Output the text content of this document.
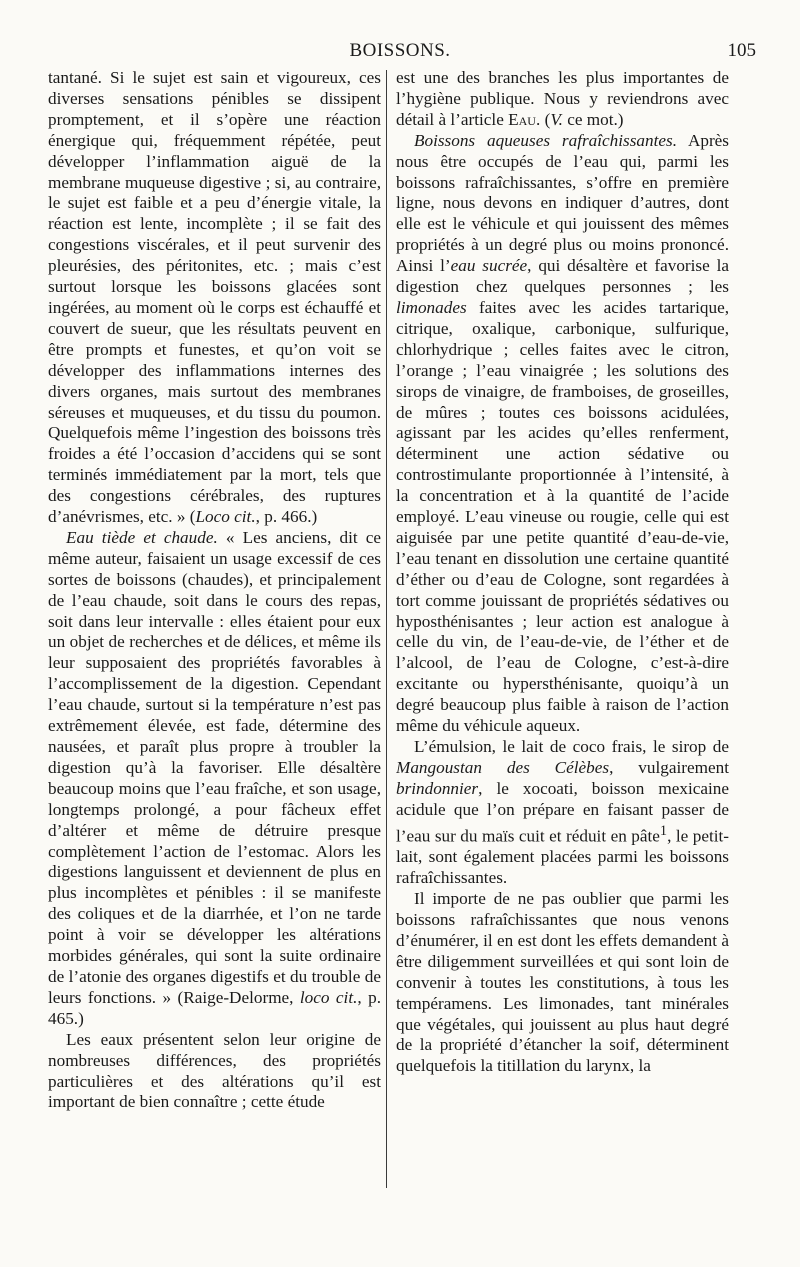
BOISSONS.	105

tantané. Si le sujet est sain et vigoureux, ces diverses sensations pénibles se dissipent promptement, et il s’opère une réaction énergique qui, fréquemment répétée, peut développer l’inflammation aiguë de la membrane muqueuse digestive ; si, au contraire, le sujet est faible et a peu d’énergie vitale, la réaction est lente, incomplète ; il se fait des congestions viscérales, et il peut survenir des pleurésies, des péritonites, etc. ; mais c’est surtout lorsque les boissons glacées sont ingérées, au moment où le corps est échauffé et couvert de sueur, que les résultats peuvent en être prompts et funestes, et qu’on voit se développer des inflammations internes des divers organes, mais surtout des membranes séreuses et muqueuses, et du tissu du poumon. Quelquefois même l’ingestion des boissons très froides a été l’occasion d’accidens qui se sont terminés immédiatement par la mort, tels que des congestions cérébrales, des ruptures d’anévrismes, etc. » (Loco cit., p. 466.)

Eau tiède et chaude. « Les anciens, dit ce même auteur, faisaient un usage excessif de ces sortes de boissons (chaudes), et principalement de l’eau chaude, soit dans le cours des repas, soit dans leur intervalle : elles étaient pour eux un objet de recherches et de délices, et même ils leur supposaient des propriétés favorables à l’accomplissement de la digestion. Cependant l’eau chaude, surtout si la température n’est pas extrêmement élevée, est fade, détermine des nausées, et paraît plus propre à troubler la digestion qu’à la favoriser. Elle désaltère beaucoup moins que l’eau fraîche, et son usage, longtemps prolongé, a pour fâcheux effet d’altérer et même de détruire presque complètement l’action de l’estomac. Alors les digestions languissent et deviennent de plus en plus incomplètes et pénibles : il se manifeste des coliques et de la diarrhée, et l’on ne tarde point à voir se développer les altérations morbides générales, qui sont la suite ordinaire de l’atonie des organes digestifs et du trouble de leurs fonctions. » (Raige-Delorme, loco cit., p. 465.)

Les eaux présentent selon leur origine de nombreuses différences, des propriétés particulières et des altérations qu’il est important de bien connaître ; cette étude

est une des branches les plus importantes de l’hygiène publique. Nous y reviendrons avec détail à l’article Eau. (V. ce mot.)

Boissons aqueuses rafraîchissantes. Après nous être occupés de l’eau qui, parmi les boissons rafraîchissantes, s’offre en première ligne, nous devons en indiquer d’autres, dont elle est le véhicule et qui jouissent des mêmes propriétés à un degré plus ou moins prononcé. Ainsi l’eau sucrée, qui désaltère et favorise la digestion chez quelques personnes ; les limonades faites avec les acides tartarique, citrique, oxalique, carbonique, sulfurique, chlorhydrique ; celles faites avec le citron, l’orange ; l’eau vinaigrée ; les solutions des sirops de vinaigre, de framboises, de groseilles, de mûres ; toutes ces boissons acidulées, agissant par les acides qu’elles renferment, déterminent une action sédative ou controstimulante proportionnée à l’intensité, à la concentration et à la quantité de l’acide employé. L’eau vineuse ou rougie, celle qui est aiguisée par une petite quantité d’eau-de-vie, l’eau tenant en dissolution une certaine quantité d’éther ou d’eau de Cologne, sont regardées à tort comme jouissant de propriétés sédatives ou hyposthénisantes ; leur action est analogue à celle du vin, de l’eau-de-vie, de l’éther et de l’alcool, de l’eau de Cologne, c’est-à-dire excitante ou hypersthénisante, quoiqu’à un degré beaucoup plus faible à raison de l’action même du véhicule aqueux.

L’émulsion, le lait de coco frais, le sirop de Mangoustan des Célèbes, vulgairement brindonnier, le xocoati, boisson mexicaine acidule que l’on prépare en faisant passer de l’eau sur du maïs cuit et réduit en pâte$^1$, le petit-lait, sont également placées parmi les boissons rafraîchissantes.

Il importe de ne pas oublier que parmi les boissons rafraîchissantes que nous venons d’énumérer, il en est dont les effets demandent à être diligemment surveillées et qui sont loin de convenir à toutes les constitutions, à tous les tempéramens. Les limonades, tant minérales que végétales, qui jouissent au plus haut degré de la propriété d’étancher la soif, déterminent quelquefois la titillation du larynx, la
